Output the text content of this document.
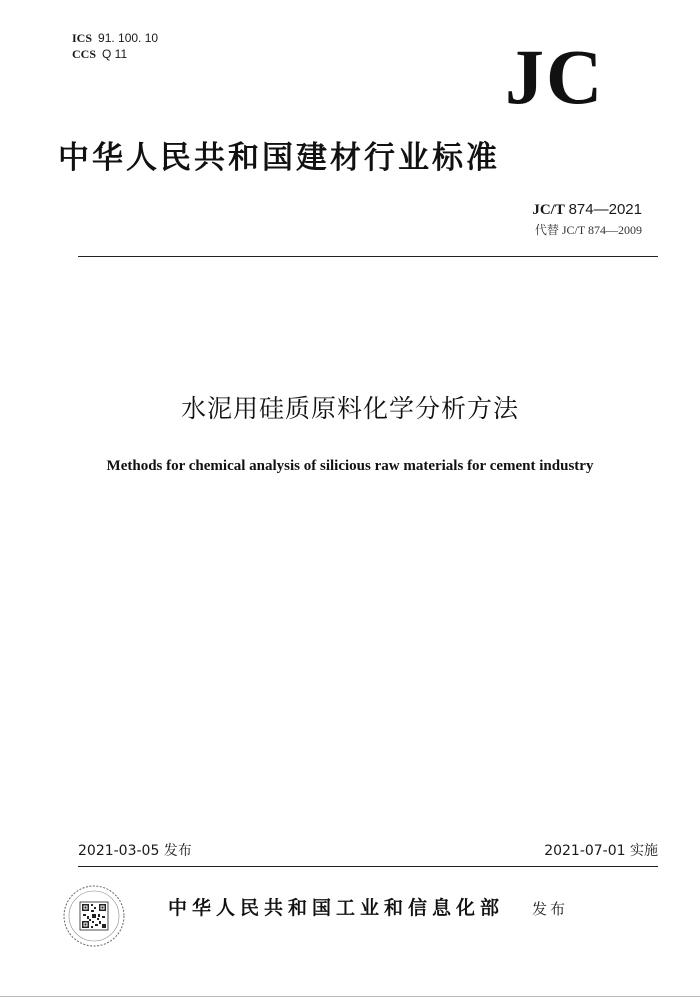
ICS 91. 100. 10
CCS Q 11	JC
中华人民共和国建材行业标准
JC/T 874—2021
代替 JC/T 874—2009
水泥用硅质原料化学分析方法
Methods for chemical analysis of silicious raw materials for cement industry
2021-03-05 发布	2021-07-01 实施
中华人民共和国工业和信息化部 发布
